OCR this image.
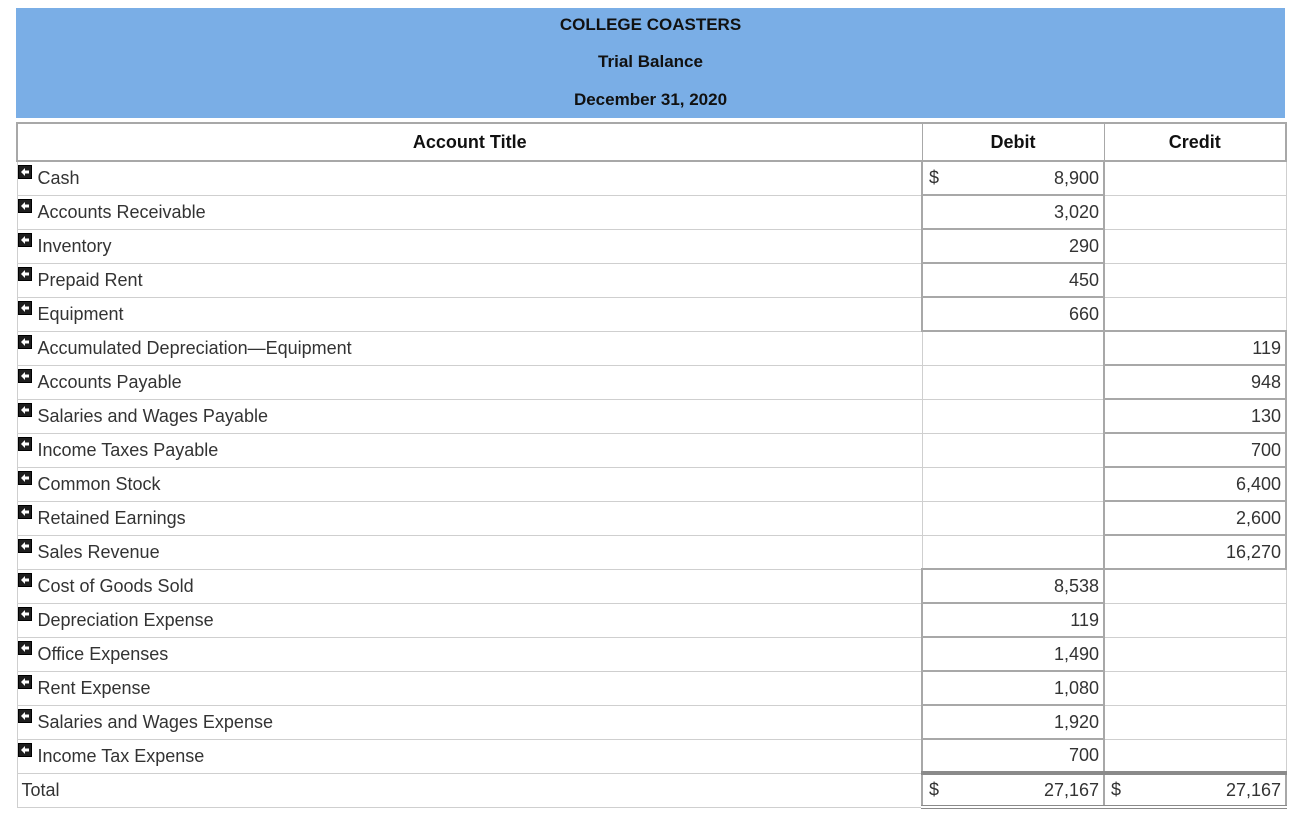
COLLEGE COASTERS
Trial Balance
December 31, 2020
Account Title	Debit	Credit

Cash	$ 8,900	

Accounts Receivable	3,020	

Inventory	290	

Prepaid Rent	450	

Equipment	660	

Accumulated Depreciation—Equipment		119

Accounts Payable		948

Salaries and Wages Payable		130

Income Taxes Payable		700

Common Stock		6,400

Retained Earnings		2,600

Sales Revenue		16,270

Cost of Goods Sold	8,538	

Depreciation Expense	119	

Office Expenses	1,490	

Rent Expense	1,080	

Salaries and Wages Expense	1,920	

Income Tax Expense	700	

Total	$ 27,167	$ 27,167
